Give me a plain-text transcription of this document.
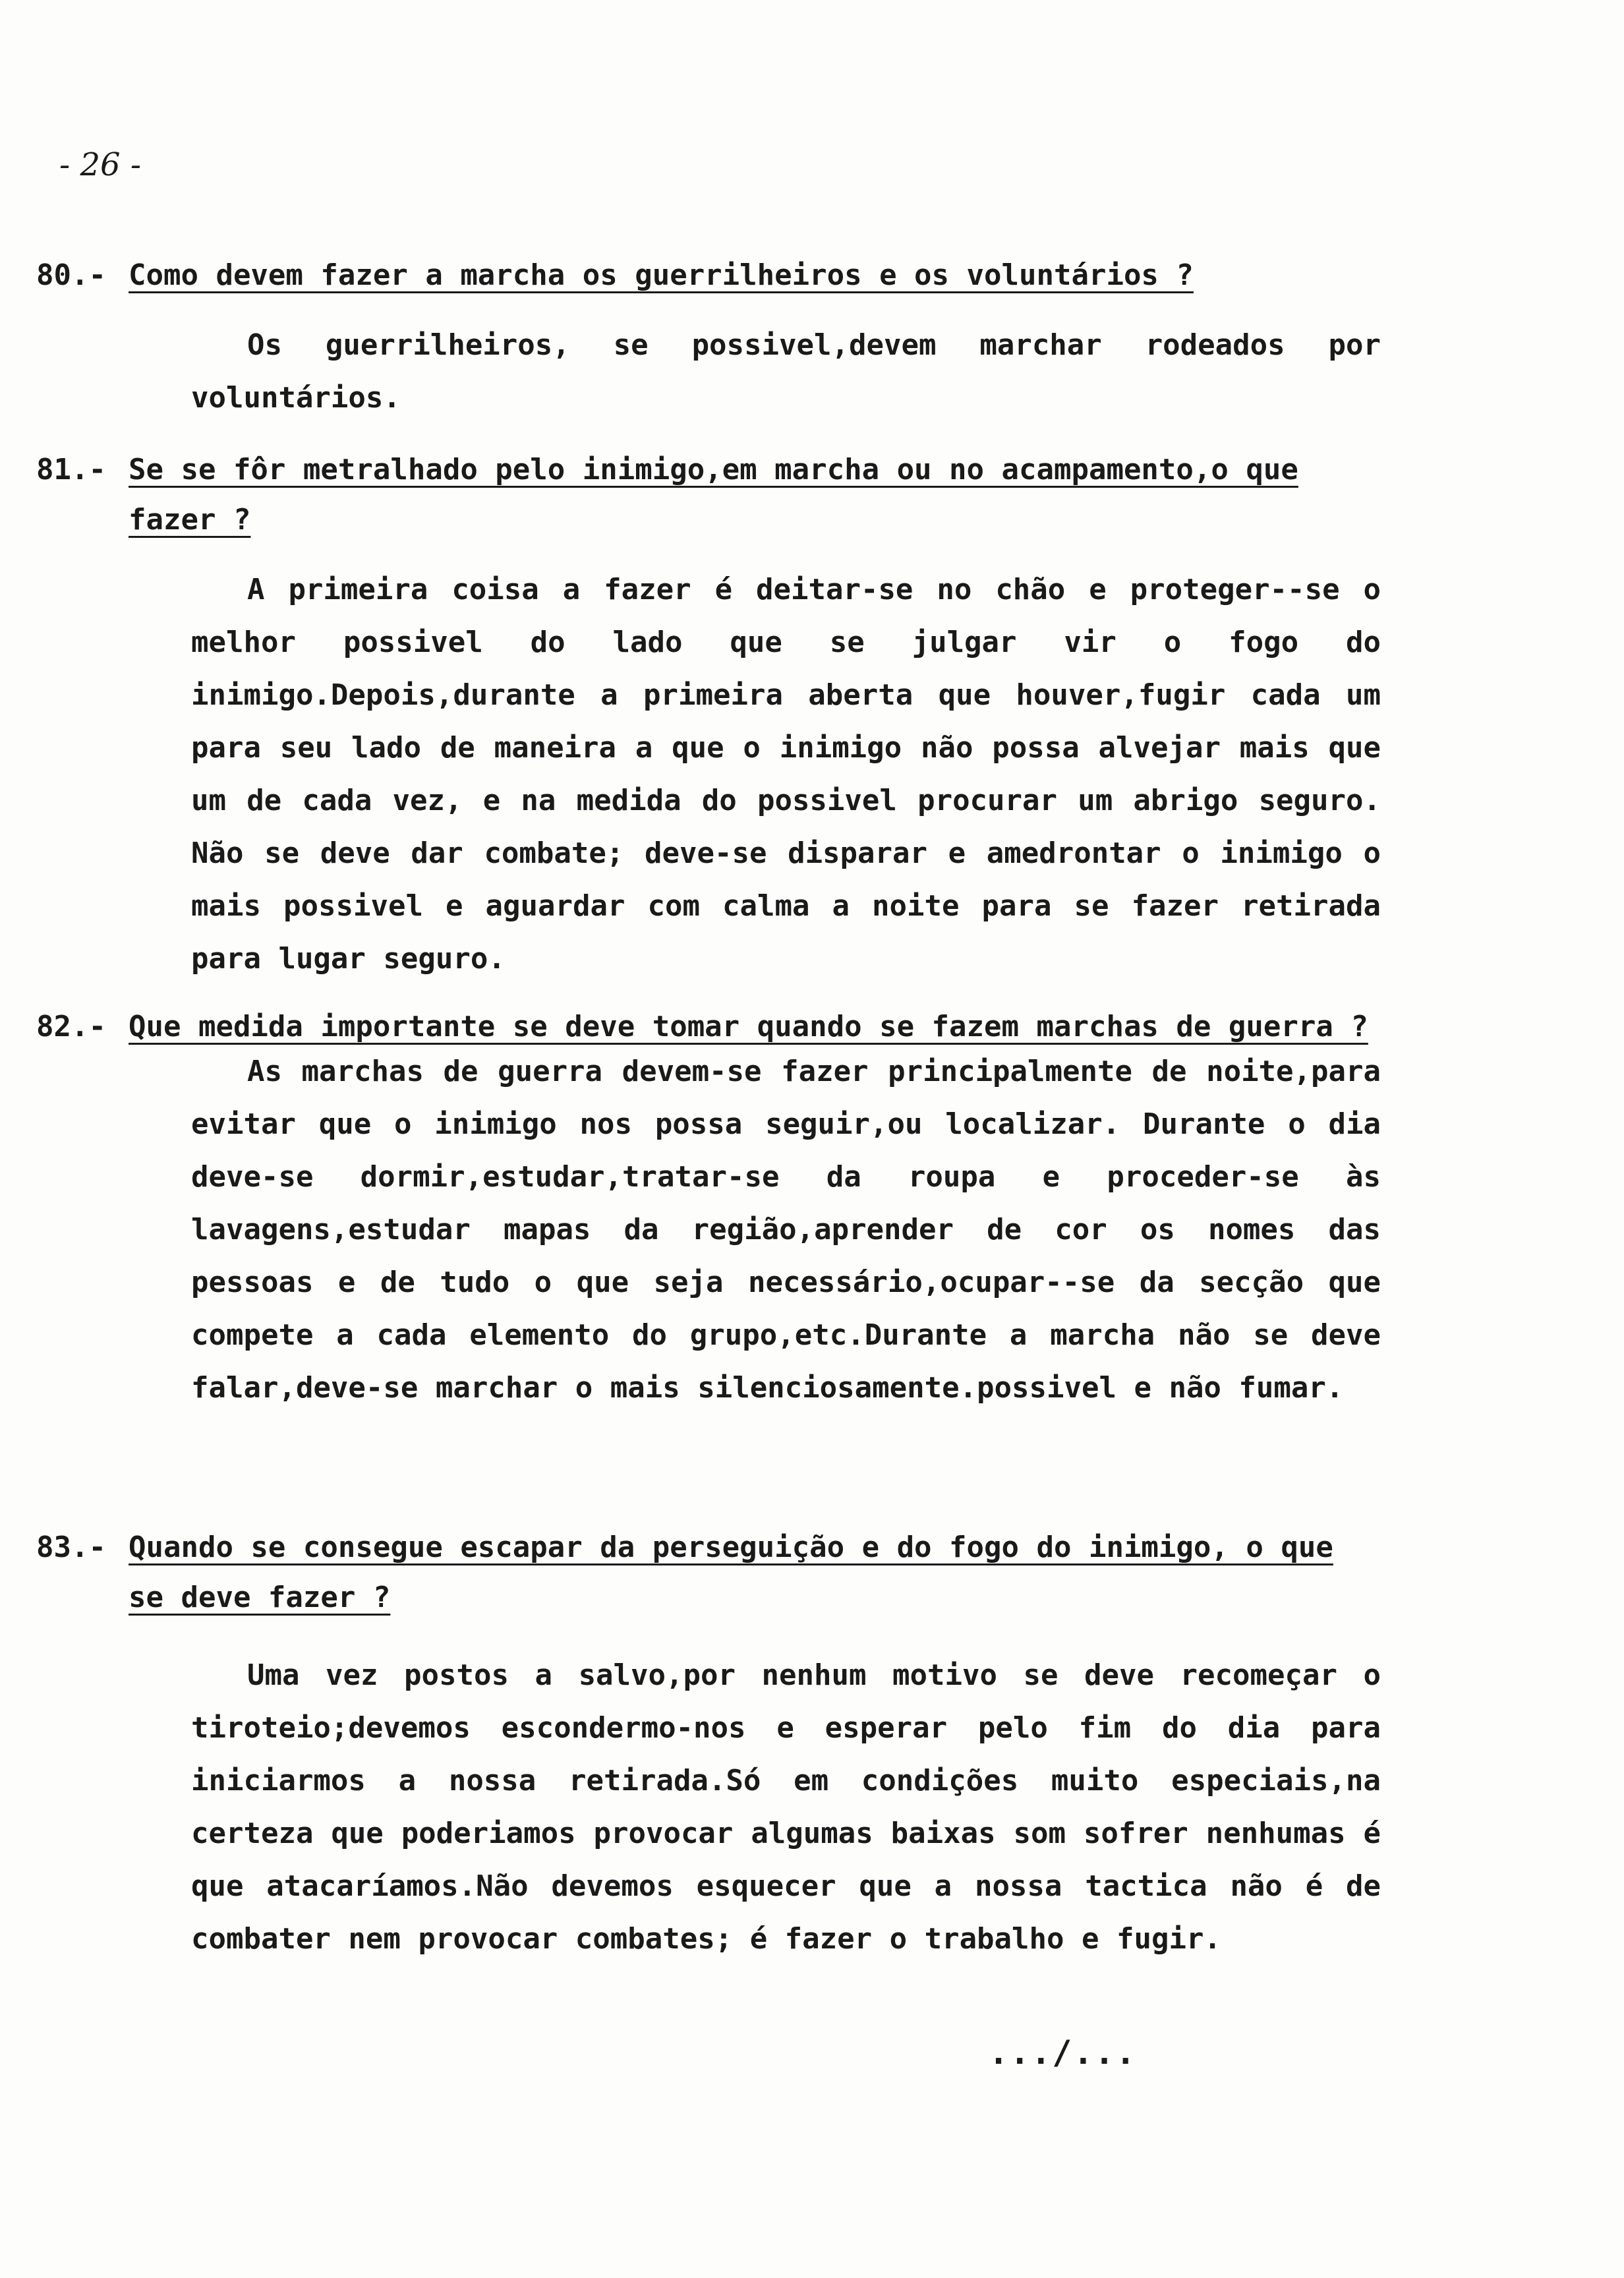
- 26 -
80.- Como devem fazer a marcha os guerrilheiros e os voluntários ?
Os guerrilheiros, se possivel,devem marchar rodeados por voluntários.
81.- Se se fôr metralhado pelo inimigo,em marcha ou no acampamento,o que fazer ?
A primeira coisa a fazer é deitar-se no chão e proteger--se o melhor possivel do lado que se julgar vir o fogo do inimigo.Depois,durante a primeira aberta que houver,fugir cada um para seu lado de maneira a que o inimigo não possa alvejar mais que um de cada vez, e na medida do possivel procurar um abrigo seguro. Não se deve dar combate; deve-se disparar e amedrontar o inimigo o mais possivel e aguardar com calma a noite para se fazer retirada para lugar seguro.
82.- Que medida importante se deve tomar quando se fazem marchas de guerra ?
As marchas de guerra devem-se fazer principalmente de noite,para evitar que o inimigo nos possa seguir,ou localizar. Durante o dia deve-se dormir,estudar,tratar-se da roupa e proceder-se às lavagens,estudar mapas da região,aprender de cor os nomes das pessoas e de tudo o que seja necessário,ocupar--se da secção que compete a cada elemento do grupo,etc.Durante a marcha não se deve falar,deve-se marchar o mais silenciosamente.possivel e não fumar.
83.- Quando se consegue escapar da perseguição e do fogo do inimigo, o que se deve fazer ?
Uma vez postos a salvo,por nenhum motivo se deve recomeçar o tiroteio;devemos escondermo-nos e esperar pelo fim do dia para iniciarmos a nossa retirada.Só em condições muito especiais,na certeza que poderiamos provocar algumas baixas som sofrer nenhumas é que atacaríamos.Não devemos esquecer que a nossa tactica não é de combater nem provocar combates; é fazer o trabalho e fugir.
.../...
